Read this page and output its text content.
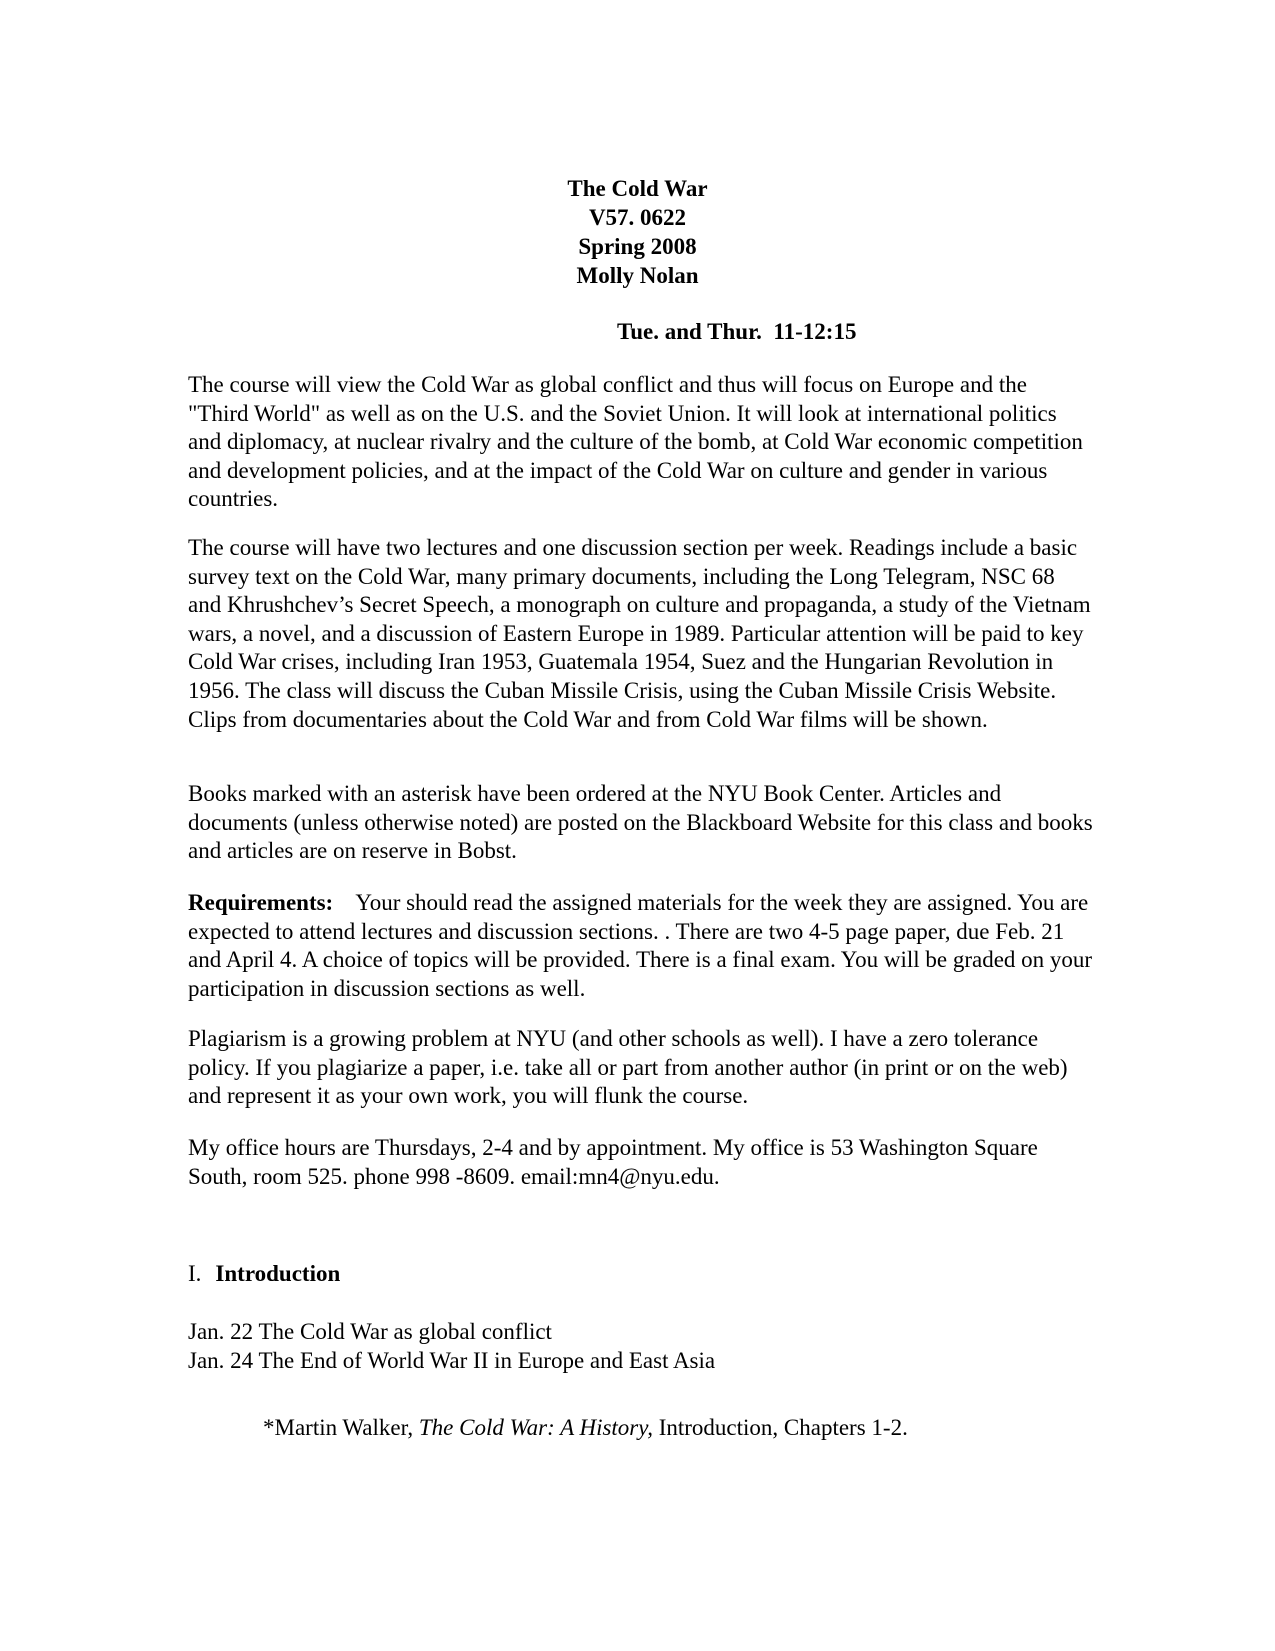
The Cold War
V57. 0622
Spring 2008
Molly Nolan
Tue. and Thur.  11-12:15

The course will view the Cold War as global conflict and thus will focus on Europe and the "Third World" as well as on the U.S. and the Soviet Union. It will look at international politics and diplomacy, at nuclear rivalry and the culture of the bomb, at Cold War economic competition and development policies, and at the impact of the Cold War on culture and gender in various countries.

The course will have two lectures and one discussion section per week. Readings include a basic survey text on the Cold War, many primary documents, including the Long Telegram, NSC 68 and Khrushchev’s Secret Speech, a monograph on culture and propaganda, a study of the Vietnam wars, a novel, and a discussion of Eastern Europe in 1989. Particular attention will be paid to key Cold War crises, including Iran 1953, Guatemala 1954, Suez and the Hungarian Revolution in 1956. The class will discuss the Cuban Missile Crisis, using the Cuban Missile Crisis Website. Clips from documentaries about the Cold War and from Cold War films will be shown.

Books marked with an asterisk have been ordered at the NYU Book Center. Articles and documents (unless otherwise noted) are posted on the Blackboard Website for this class and books and articles are on reserve in Bobst.

Requirements: Your should read the assigned materials for the week they are assigned. You are expected to attend lectures and discussion sections. . There are two 4-5 page paper, due Feb. 21 and April 4. A choice of topics will be provided. There is a final exam. You will be graded on your participation in discussion sections as well.

Plagiarism is a growing problem at NYU (and other schools as well). I have a zero tolerance policy. If you plagiarize a paper, i.e. take all or part from another author (in print or on the web) and represent it as your own work, you will flunk the course.

My office hours are Thursdays, 2-4 and by appointment. My office is 53 Washington Square South, room 525. phone 998 -8609. email:mn4@nyu.edu.

I. Introduction
Jan. 22 The Cold War as global conflict
Jan. 24 The End of World War II in Europe and East Asia
*Martin Walker, The Cold War: A History, Introduction, Chapters 1-2.
